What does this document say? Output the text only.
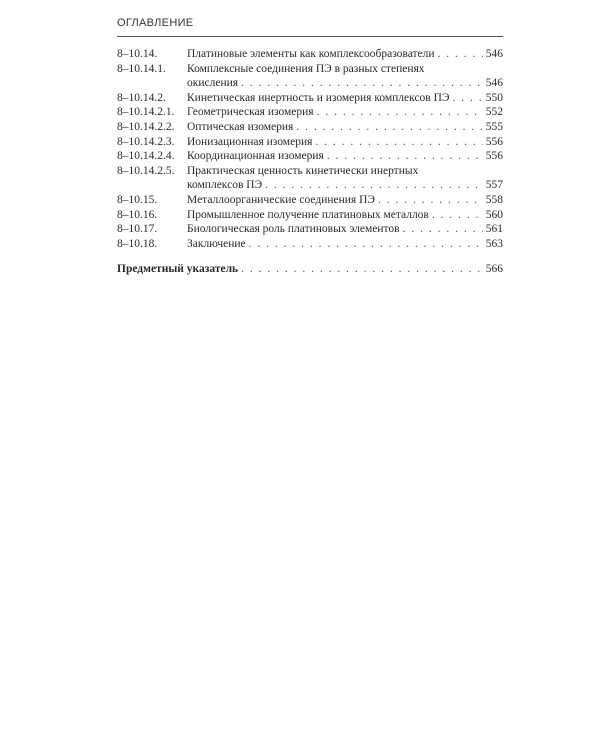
ОГЛАВЛЕНИЕ
8–10.14.	Платиновые элементы как комплексообразователи . . .	546
8–10.14.1. Комплексные соединения ПЭ в разных степенях
окисления . . .	546
8–10.14.2. Кинетическая инертность и изомерия комплексов ПЭ . . .	550
8–10.14.2.1. Геометрическая изомерия . . .	552
8–10.14.2.2. Оптическая изомерия . . .	555
8–10.14.2.3. Ионизационная изомерия . . .	556
8–10.14.2.4. Координационная изомерия . . .	556
8–10.14.2.5. Практическая ценность кинетически инертных
комплексов ПЭ . . .	557
8–10.15.	Металлоорганические соединения ПЭ . . .	558
8–10.16.	Промышленное получение платиновых металлов . . .	560
8–10.17.	Биологическая роль платиновых элементов . . .	561
8–10.18.	Заключение . . .	563
Предметный указатель . . .	566
